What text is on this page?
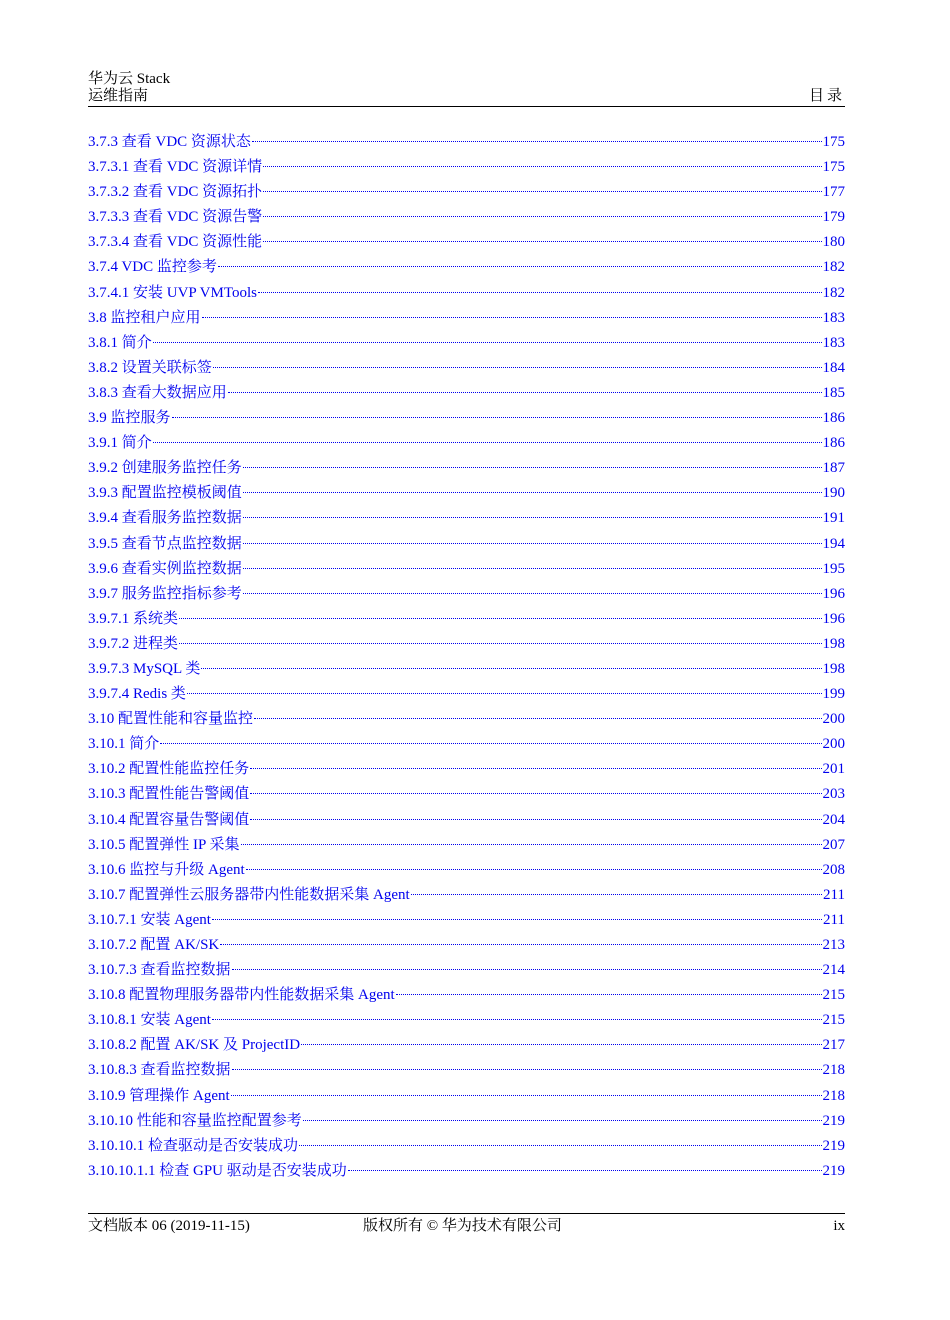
华为云 Stack
运维指南	目录
3.7.3 查看 VDC 资源状态	175
3.7.3.1 查看 VDC 资源详情	175
3.7.3.2 查看 VDC 资源拓扑	177
3.7.3.3 查看 VDC 资源告警	179
3.7.3.4 查看 VDC 资源性能	180
3.7.4 VDC 监控参考	182
3.7.4.1 安装 UVP VMTools	182
3.8 监控租户应用	183
3.8.1 简介	183
3.8.2 设置关联标签	184
3.8.3 查看大数据应用	185
3.9 监控服务	186
3.9.1 简介	186
3.9.2 创建服务监控任务	187
3.9.3 配置监控模板阈值	190
3.9.4 查看服务监控数据	191
3.9.5 查看节点监控数据	194
3.9.6 查看实例监控数据	195
3.9.7 服务监控指标参考	196
3.9.7.1 系统类	196
3.9.7.2 进程类	198
3.9.7.3 MySQL 类	198
3.9.7.4 Redis 类	199
3.10 配置性能和容量监控	200
3.10.1 简介	200
3.10.2 配置性能监控任务	201
3.10.3 配置性能告警阈值	203
3.10.4 配置容量告警阈值	204
3.10.5 配置弹性 IP 采集	207
3.10.6 监控与升级 Agent	208
3.10.7 配置弹性云服务器带内性能数据采集 Agent	211
3.10.7.1 安装 Agent	211
3.10.7.2 配置 AK/SK	213
3.10.7.3 查看监控数据	214
3.10.8 配置物理服务器带内性能数据采集 Agent	215
3.10.8.1 安装 Agent	215
3.10.8.2 配置 AK/SK 及 ProjectID	217
3.10.8.3 查看监控数据	218
3.10.9 管理操作 Agent	218
3.10.10 性能和容量监控配置参考	219
3.10.10.1 检查驱动是否安装成功	219
3.10.10.1.1 检查 GPU 驱动是否安装成功	219
文档版本 06 (2019-11-15)	版权所有 © 华为技术有限公司	ix
